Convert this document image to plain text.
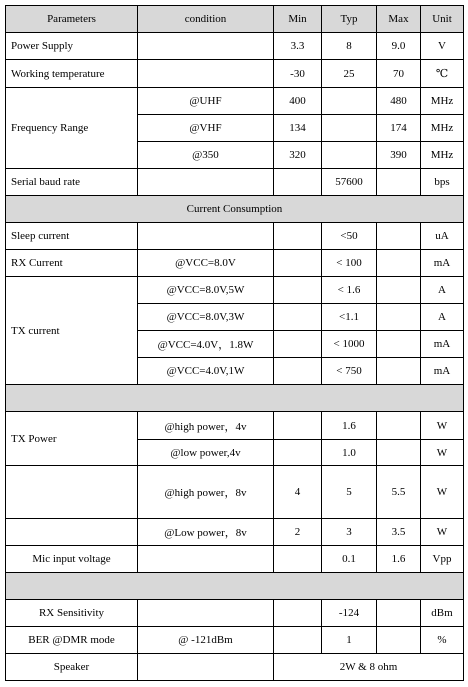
Parameters	condition	Min	Typ	Max	Unit
Power Supply		3.3	8	9.0	V
Working temperature		-30	25	70	℃
Frequency Range	@UHF	400		480	MHz
	@VHF	134		174	MHz
	@350	320		390	MHz
Serial baud rate			57600		bps
Current Consumption					
Sleep current			<50		uA
RX Current	@VCC=8.0V		< 100		mA
TX current	@VCC=8.0V,5W		< 1.6		A
	@VCC=8.0V,3W		<1.1		A
	@VCC=4.0V，1.8W		< 1000		mA
	@VCC=4.0V,1W		< 750		mA

TX Power	@high power，4v		1.6		W
	@low power,4v		1.0		W
	@high power，8v	4	5	5.5	W
	@Low power，8v	2	3	3.5	W
Mic input voltage			0.1	1.6	Vpp

RX Sensitivity			-124		dBm
BER @DMR mode	@ -121dBm		1		%
Speaker		2W & 8 ohm			
